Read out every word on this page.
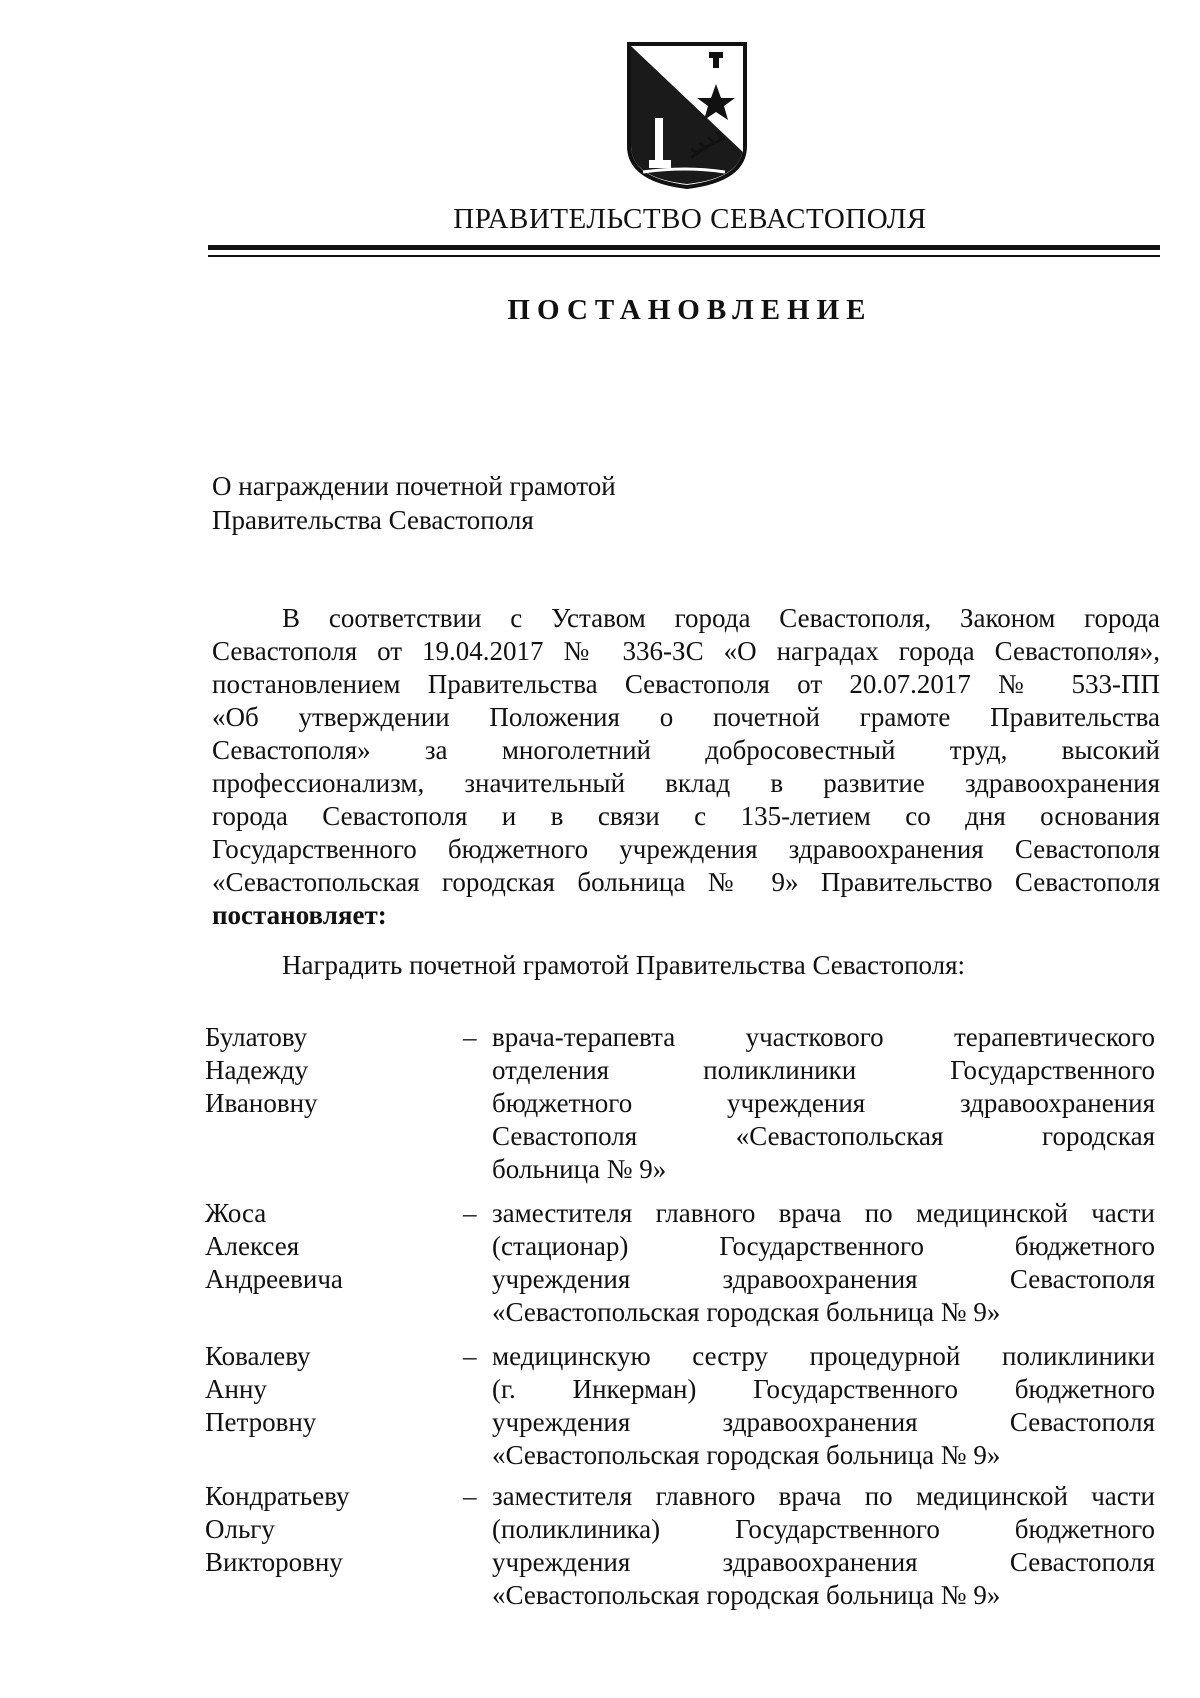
ПРАВИТЕЛЬСТВО СЕВАСТОПОЛЯ
ПОСТАНОВЛЕНИЕ
О награждении почетной грамотой
Правительства Севастополя
В соответствии с Уставом города Севастополя, Законом города
Севастополя от 19.04.2017 № 336-ЗС «О наградах города Севастополя»,
постановлением Правительства Севастополя от 20.07.2017 № 533-ПП
«Об утверждении Положения о почетной грамоте Правительства
Севастополя» за многолетний добросовестный труд, высокий
профессионализм, значительный вклад в развитие здравоохранения
города Севастополя и в связи с 135-летием со дня основания
Государственного бюджетного учреждения здравоохранения Севастополя
«Севастопольская городская больница № 9» Правительство Севастополя
постановляет:
Наградить почетной грамотой Правительства Севастополя:
Булатову
Надежду
Ивановну
– врача-терапевта участкового терапевтического
отделения поликлиники Государственного
бюджетного учреждения здравоохранения
Севастополя «Севастопольская городская
больница № 9»
Жоса
Алексея
Андреевича
– заместителя главного врача по медицинской части
(стационар) Государственного бюджетного
учреждения здравоохранения Севастополя
«Севастопольская городская больница № 9»
Ковалеву
Анну
Петровну
– медицинскую сестру процедурной поликлиники
(г. Инкерман) Государственного бюджетного
учреждения здравоохранения Севастополя
«Севастопольская городская больница № 9»
Кондратьеву
Ольгу
Викторовну
– заместителя главного врача по медицинской части
(поликлиника) Государственного бюджетного
учреждения здравоохранения Севастополя
«Севастопольская городская больница № 9»
